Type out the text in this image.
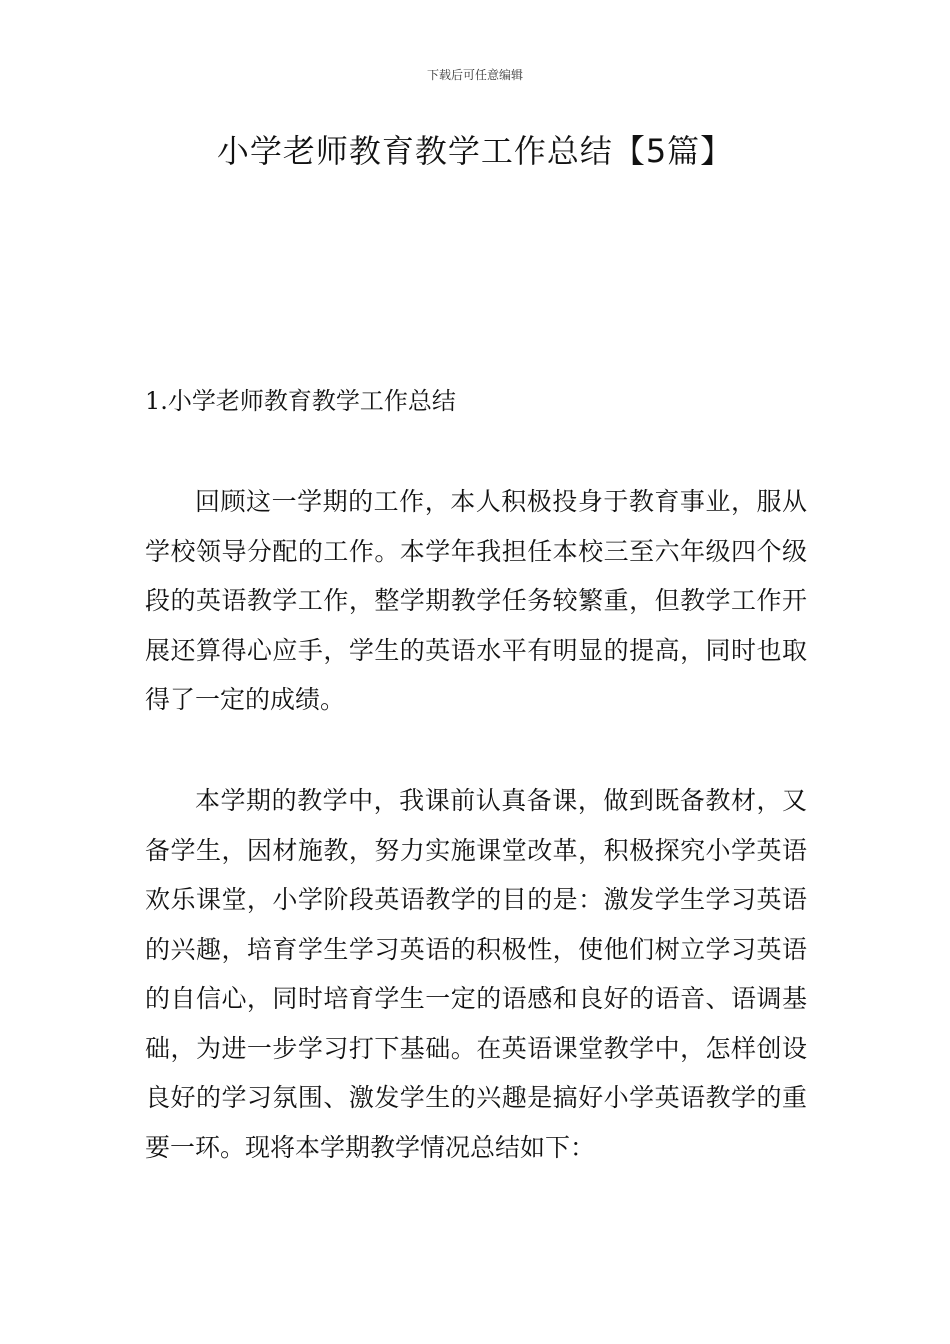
下载后可任意编辑
小学老师教育教学工作总结【5篇】
1.小学老师教育教学工作总结

回顾这一学期的工作，本人积极投身于教育事业，服从学校领导分配的工作。本学年我担任本校三至六年级四个级段的英语教学工作，整学期教学任务较繁重，但教学工作开展还算得心应手，学生的英语水平有明显的提高，同时也取得了一定的成绩。

本学期的教学中，我课前认真备课，做到既备教材，又备学生，因材施教，努力实施课堂改革，积极探究小学英语欢乐课堂，小学阶段英语教学的目的是：激发学生学习英语的兴趣，培育学生学习英语的积极性，使他们树立学习英语的自信心，同时培育学生一定的语感和良好的语音、语调基础，为进一步学习打下基础。在英语课堂教学中，怎样创设良好的学习氛围、激发学生的兴趣是搞好小学英语教学的重要一环。现将本学期教学情况总结如下：
